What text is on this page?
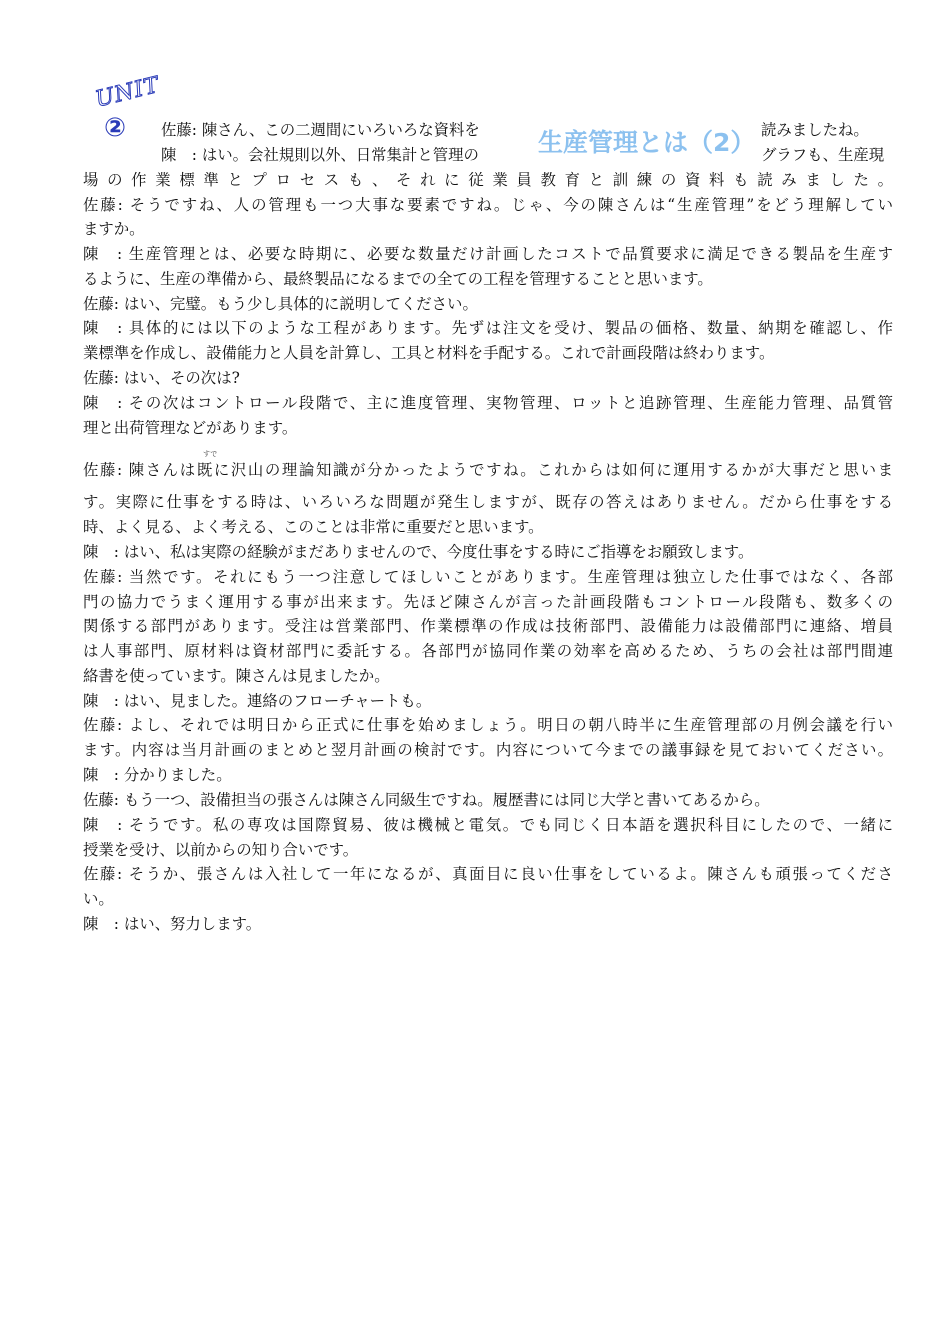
UNIT
②	生産管理とは（2）
佐藤: 陳さん、この二週間にいろいろな資料を
陳　: はい。会社規則以外、日常集計と管理の
読みましたね。
グラフも、生産現
すで
場の作業標準とプロセスも、それに従業員教育と訓練の資料も読みました。
佐藤: そうですね、人の管理も一つ大事な要素ですね。じゃ、今の陳さんは“生産管理”をどう理解してい
ますか。
陳　: 生産管理とは、必要な時期に、必要な数量だけ計画したコストで品質要求に満足できる製品を生産す
るように、生産の準備から、最終製品になるまでの全ての工程を管理することと思います。
佐藤: はい、完璧。もう少し具体的に説明してください。
陳　: 具体的には以下のような工程があります。先ずは注文を受け、製品の価格、数量、納期を確認し、作
業標準を作成し、設備能力と人員を計算し、工具と材料を手配する。これで計画段階は終わります。
佐藤: はい、その次は?
陳　: その次はコントロール段階で、主に進度管理、実物管理、ロットと追跡管理、生産能力管理、品質管
理と出荷管理などがあります。
佐藤: 陳さんは既に沢山の理論知識が分かったようですね。これからは如何に運用するかが大事だと思いま
す。実際に仕事をする時は、いろいろな問題が発生しますが、既存の答えはありません。だから仕事をする
時、よく見る、よく考える、このことは非常に重要だと思います。
陳　: はい、私は実際の経験がまだありませんので、今度仕事をする時にご指導をお願致します。
佐藤: 当然です。それにもう一つ注意してほしいことがあります。生産管理は独立した仕事ではなく、各部
門の協力でうまく運用する事が出来ます。先ほど陳さんが言った計画段階もコントロール段階も、数多くの
関係する部門があります。受注は営業部門、作業標準の作成は技術部門、設備能力は設備部門に連絡、増員
は人事部門、原材料は資材部門に委託する。各部門が協同作業の効率を高めるため、うちの会社は部門間連
絡書を使っています。陳さんは見ましたか。
陳　: はい、見ました。連絡のフローチャートも。
佐藤: よし、それでは明日から正式に仕事を始めましょう。明日の朝八時半に生産管理部の月例会議を行い
ます。内容は当月計画のまとめと翌月計画の検討です。内容について今までの議事録を見ておいてください。
陳　: 分かりました。
佐藤: もう一つ、設備担当の張さんは陳さん同級生ですね。履歴書には同じ大学と書いてあるから。
陳　: そうです。私の専攻は国際貿易、彼は機械と電気。でも同じく日本語を選択科目にしたので、一緒に
授業を受け、以前からの知り合いです。
佐藤: そうか、張さんは入社して一年になるが、真面目に良い仕事をしているよ。陳さんも頑張ってくださ
い。
陳　: はい、努力します。
